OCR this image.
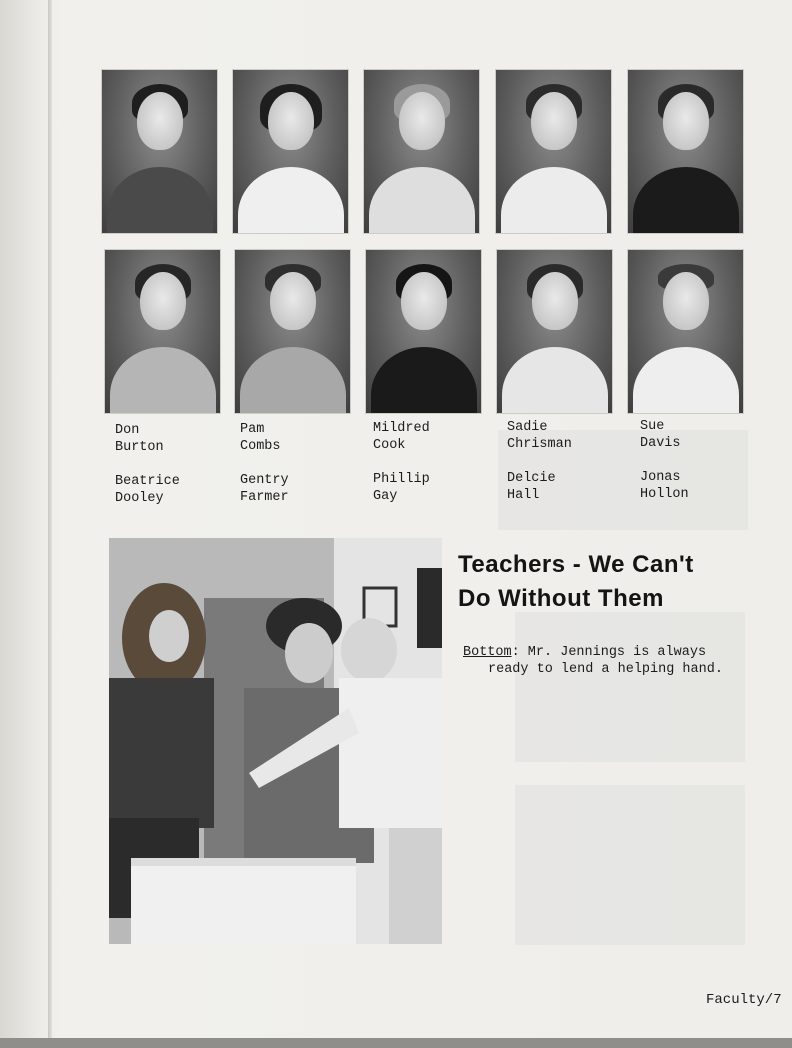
Don
Burton
Pam
Combs
Mildred
Cook
Sadie
Chrisman
Sue
Davis
Beatrice
Dooley
Gentry
Farmer
Phillip
Gay
Delcie
Hall
Jonas
Hollon
Teachers - We Can't
Do Without Them
Bottom: Mr. Jennings is always
ready to lend a helping hand.
Faculty/7
